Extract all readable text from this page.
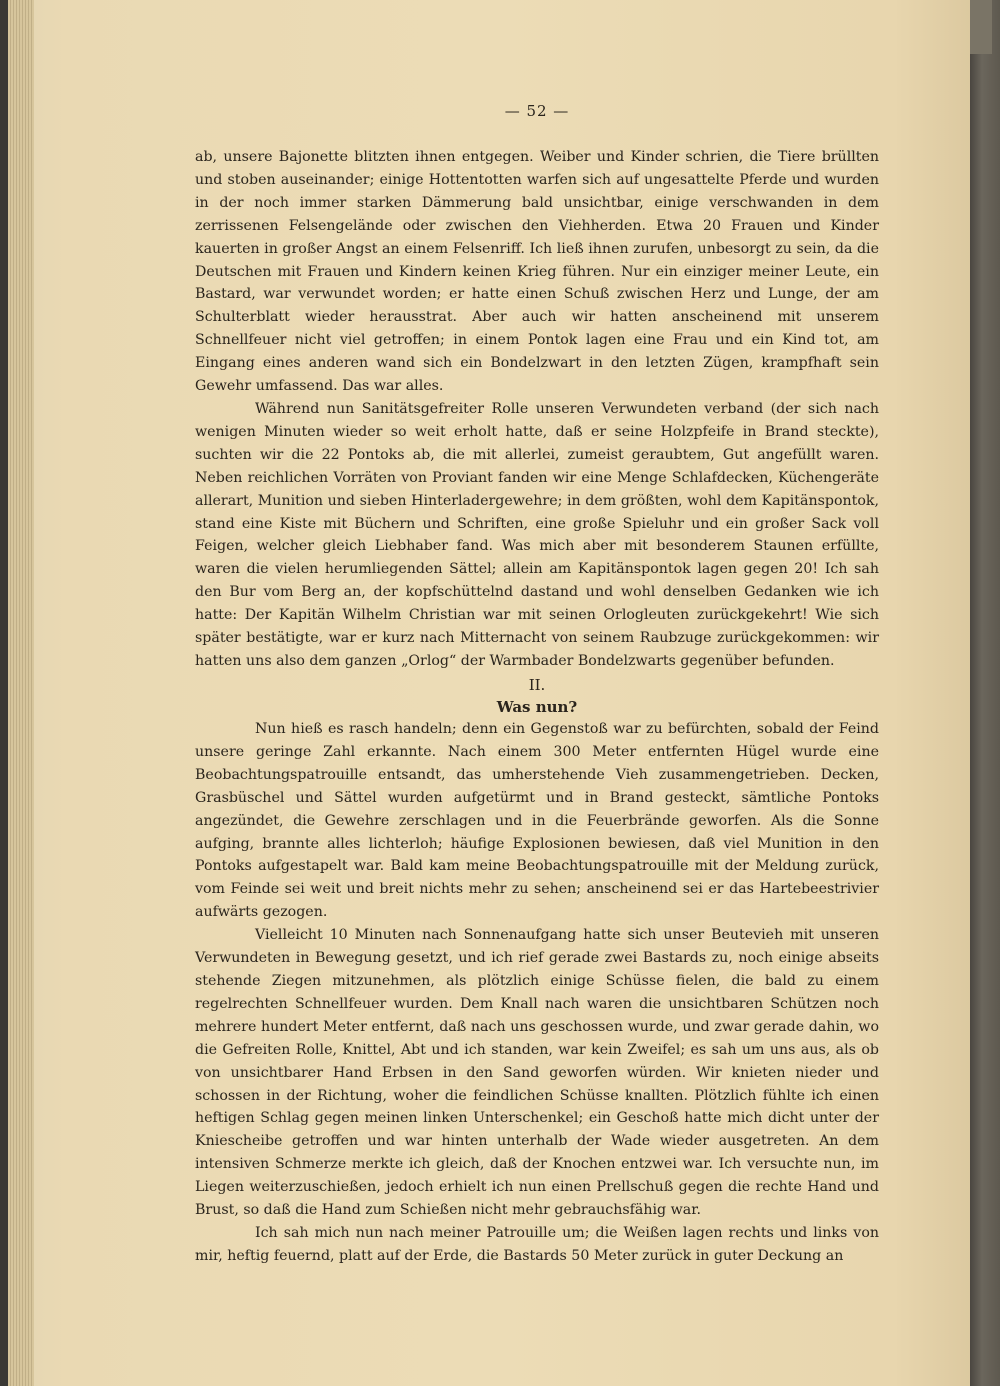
— 52 —

ab, unsere Bajonette blitzten ihnen entgegen. Weiber und Kinder schrien, die Tiere brüllten und stoben auseinander; einige Hottentotten warfen sich auf ungesattelte Pferde und wurden in der noch immer starken Dämmerung bald unsichtbar, einige verschwanden in dem zerrissenen Felsengelände oder zwischen den Viehherden. Etwa 20 Frauen und Kinder kauerten in großer Angst an einem Felsenriff. Ich ließ ihnen zurufen, unbesorgt zu sein, da die Deutschen mit Frauen und Kindern keinen Krieg führen. Nur ein einziger meiner Leute, ein Bastard, war verwundet worden; er hatte einen Schuß zwischen Herz und Lunge, der am Schulterblatt wieder herausstrat. Aber auch wir hatten anscheinend mit unserem Schnellfeuer nicht viel getroffen; in einem Pontok lagen eine Frau und ein Kind tot, am Eingang eines anderen wand sich ein Bondelzwart in den letzten Zügen, krampfhaft sein Gewehr umfassend. Das war alles.

Während nun Sanitätsgefreiter Rolle unseren Verwundeten verband (der sich nach wenigen Minuten wieder so weit erholt hatte, daß er seine Holzpfeife in Brand steckte), suchten wir die 22 Pontoks ab, die mit allerlei, zumeist geraubtem, Gut angefüllt waren. Neben reichlichen Vorräten von Proviant fanden wir eine Menge Schlafdecken, Küchengeräte allerart, Munition und sieben Hinterladergewehre; in dem größten, wohl dem Kapitänspontok, stand eine Kiste mit Büchern und Schriften, eine große Spieluhr und ein großer Sack voll Feigen, welcher gleich Liebhaber fand. Was mich aber mit besonderem Staunen erfüllte, waren die vielen herumliegenden Sättel; allein am Kapitänspontok lagen gegen 20! Ich sah den Bur vom Berg an, der kopfschüttelnd dastand und wohl denselben Gedanken wie ich hatte: Der Kapitän Wilhelm Christian war mit seinen Orlogleuten zurückgekehrt! Wie sich später bestätigte, war er kurz nach Mitternacht von seinem Raubzuge zurückgekommen: wir hatten uns also dem ganzen „Orlog“ der Warmbader Bondelzwarts gegenüber befunden.

II.
Was nun?

Nun hieß es rasch handeln; denn ein Gegenstoß war zu befürchten, sobald der Feind unsere geringe Zahl erkannte. Nach einem 300 Meter entfernten Hügel wurde eine Beobachtungspatrouille entsandt, das umherstehende Vieh zusammengetrieben. Decken, Grasbüschel und Sättel wurden aufgetürmt und in Brand gesteckt, sämtliche Pontoks angezündet, die Gewehre zerschlagen und in die Feuerbrände geworfen. Als die Sonne aufging, brannte alles lichterloh; häufige Explosionen bewiesen, daß viel Munition in den Pontoks aufgestapelt war. Bald kam meine Beobachtungspatrouille mit der Meldung zurück, vom Feinde sei weit und breit nichts mehr zu sehen; anscheinend sei er das Hartebeestrivier aufwärts gezogen.

Vielleicht 10 Minuten nach Sonnenaufgang hatte sich unser Beutevieh mit unseren Verwundeten in Bewegung gesetzt, und ich rief gerade zwei Bastards zu, noch einige abseits stehende Ziegen mitzunehmen, als plötzlich einige Schüsse fielen, die bald zu einem regelrechten Schnellfeuer wurden. Dem Knall nach waren die unsichtbaren Schützen noch mehrere hundert Meter entfernt, daß nach uns geschossen wurde, und zwar gerade dahin, wo die Gefreiten Rolle, Knittel, Abt und ich standen, war kein Zweifel; es sah um uns aus, als ob von unsichtbarer Hand Erbsen in den Sand geworfen würden. Wir knieten nieder und schossen in der Richtung, woher die feindlichen Schüsse knallten. Plötzlich fühlte ich einen heftigen Schlag gegen meinen linken Unterschenkel; ein Geschoß hatte mich dicht unter der Kniescheibe getroffen und war hinten unterhalb der Wade wieder ausgetreten. An dem intensiven Schmerze merkte ich gleich, daß der Knochen entzwei war. Ich versuchte nun, im Liegen weiterzuschießen, jedoch erhielt ich nun einen Prellschuß gegen die rechte Hand und Brust, so daß die Hand zum Schießen nicht mehr gebrauchsfähig war.

Ich sah mich nun nach meiner Patrouille um; die Weißen lagen rechts und links von mir, heftig feuernd, platt auf der Erde, die Bastards 50 Meter zurück in guter Deckung an
